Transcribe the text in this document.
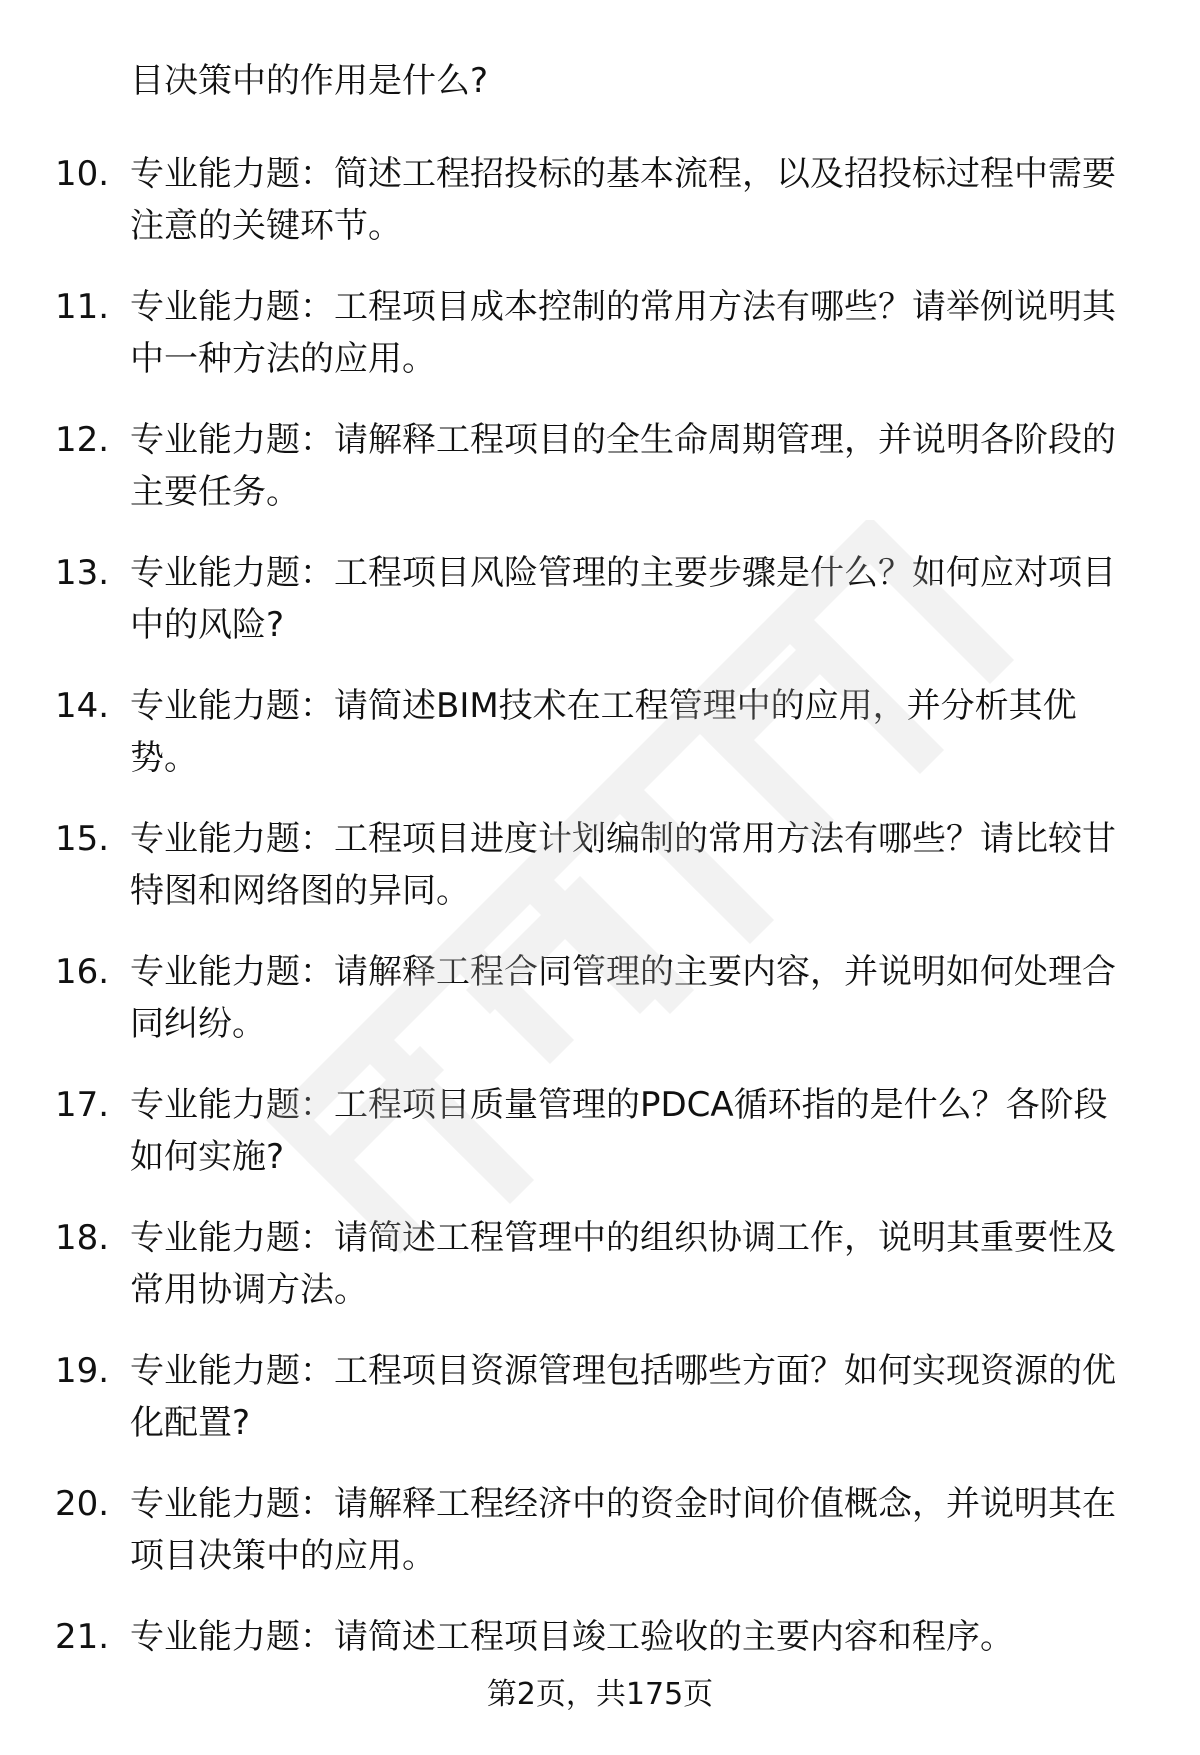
目决策中的作用是什么?

10. 专业能力题：简述工程招投标的基本流程，以及招投标过程中需要注意的关键环节。
11. 专业能力题：工程项目成本控制的常用方法有哪些？请举例说明其中一种方法的应用。
12. 专业能力题：请解释工程项目的全生命周期管理，并说明各阶段的主要任务。
13. 专业能力题：工程项目风险管理的主要步骤是什么？如何应对项目中的风险?
14. 专业能力题：请简述BIM技术在工程管理中的应用，并分析其优势。
15. 专业能力题：工程项目进度计划编制的常用方法有哪些？请比较甘特图和网络图的异同。
16. 专业能力题：请解释工程合同管理的主要内容，并说明如何处理合同纠纷。
17. 专业能力题：工程项目质量管理的PDCA循环指的是什么？各阶段如何实施?
18. 专业能力题：请简述工程管理中的组织协调工作，说明其重要性及常用协调方法。
19. 专业能力题：工程项目资源管理包括哪些方面？如何实现资源的优化配置?
20. 专业能力题：请解释工程经济中的资金时间价值概念，并说明其在项目决策中的应用。
21. 专业能力题：请简述工程项目竣工验收的主要内容和程序。
第2页，共175页
